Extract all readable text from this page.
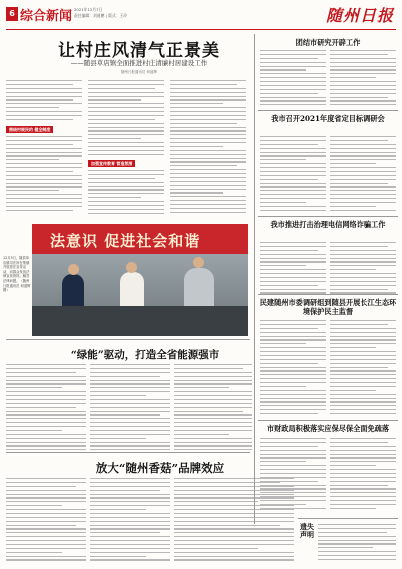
6 综合新闻 2021年12月7日
责任编辑：刘道鹏 | 版式：王玲	随州日报
让村庄风清气正景美
——随县草店镇全面推进村庄清廉村居建设工作
随州日报通讯员 何道辉
围绕村规民约 健全制度
加强宣传教育 营造氛围
法意识 促进社会和谐
12月3日，随县草店镇司法所在集镇开展普法宣传活动，向群众发放法律宣传资料，解答法律问题。（随州日报通讯员 何道辉 摄）
“绿能”驱动，打造全省能源强市
放大“随州香菇”品牌效应
团结市研究开辟工作
我市召开2021年度省定目标调研会
我市推进打击治理电信网络诈骗工作
民建随州市委调研组到随县开展长江生态环境保护民主监督
市财政局积极落实应保尽保全面免疏落
遗失声明
